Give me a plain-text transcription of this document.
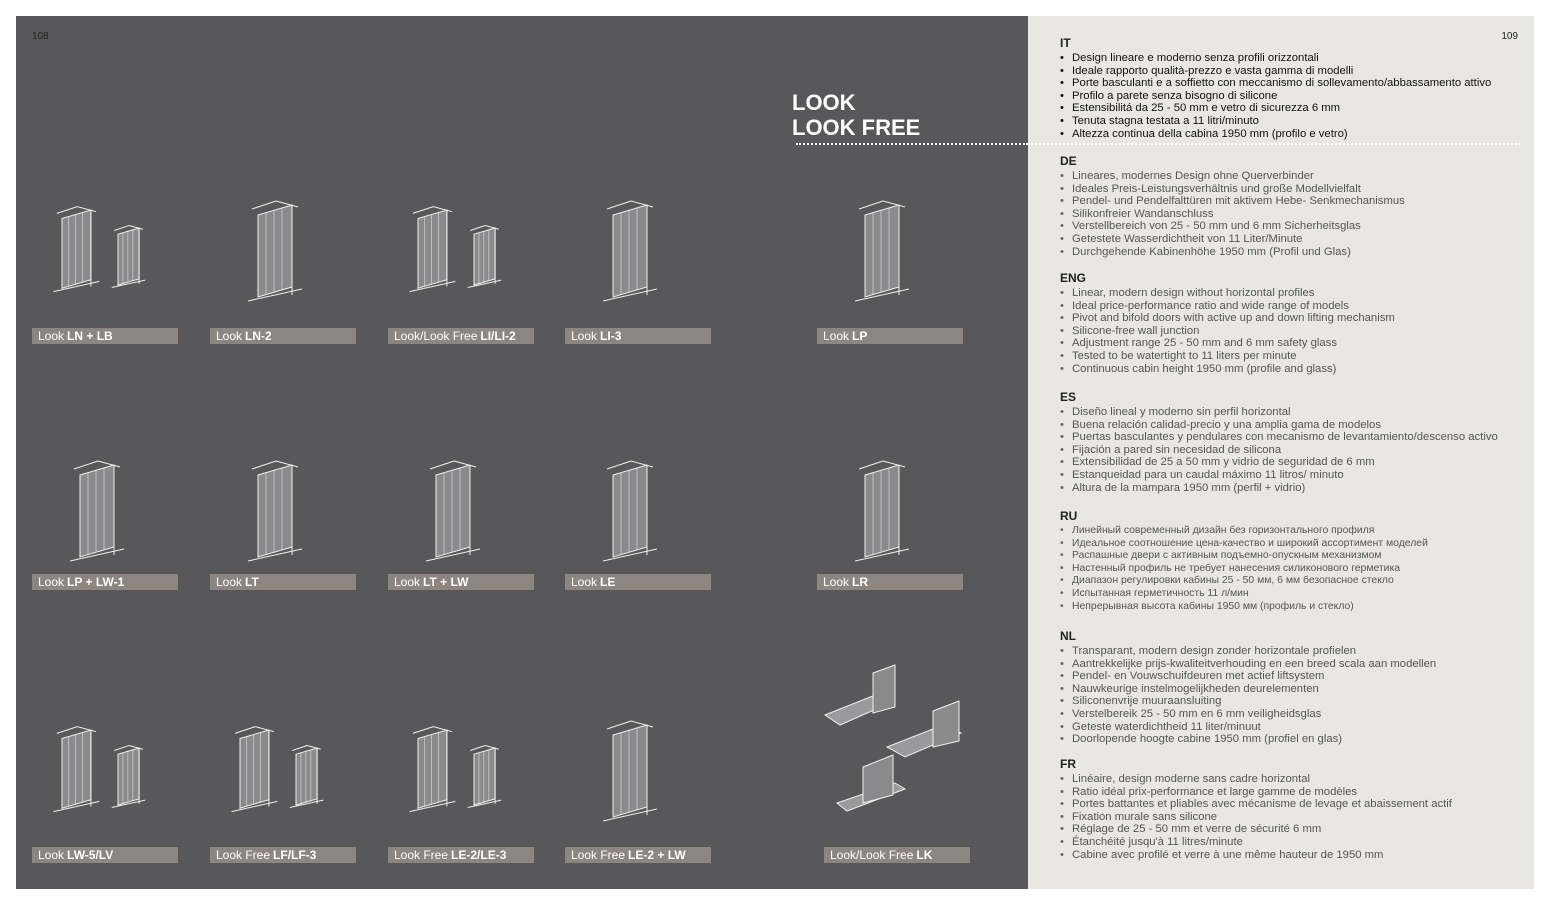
108	109
LOOK
LOOK FREE
Look LN + LB	Look LN-2	Look/Look Free LI/LI-2	Look LI-3	Look LP
Look LP + LW-1	Look LT	Look LT + LW	Look LE	Look LR
Look LW-5/LV	Look Free LF/LF-3	Look Free LE-2/LE-3	Look Free LE-2 + LW	Look/Look Free LK
IT
• Design lineare e moderno senza profili orizzontali
• Ideale rapporto qualità-prezzo e vasta gamma di modelli
• Porte basculanti e a soffietto con meccanismo di sollevamento/abbassamento attivo
• Profilo a parete senza bisogno di silicone
• Estensibilitá da 25 - 50 mm e vetro di sicurezza 6 mm
• Tenuta stagna testata a 11 litri/minuto
• Altezza continua della cabina 1950 mm (profilo e vetro)
DE
• Lineares, modernes Design ohne Querverbinder
• Ideales Preis-Leistungsverhältnis und große Modellvielfalt
• Pendel- und Pendelfalttüren mit aktivem Hebe- Senkmechanismus
• Silikonfreier Wandanschluss
• Verstellbereich von 25 - 50 mm und 6 mm Sicherheitsglas
• Getestete Wasserdichtheit von 11 Liter/Minute
• Durchgehende Kabinenhöhe 1950 mm (Profil und Glas)
ENG
• Linear, modern design without horizontal profiles
• Ideal price-performance ratio and wide range of models
• Pivot and bifold doors with active up and down lifting mechanism
• Silicone-free wall junction
• Adjustment range 25 - 50 mm and 6 mm safety glass
• Tested to be watertight to 11 liters per minute
• Continuous cabin height 1950 mm (profile and glass)
ES
• Diseño lineal y moderno sin perfil horizontal
• Buena relación calidad-precio y una amplia gama de modelos
• Puertas basculantes y pendulares con mecanismo de levantamiento/descenso activo
• Fijación a pared sin necesidad de silicona
• Extensibilidad de 25 a 50 mm y vidrio de seguridad de 6 mm
• Estanqueidad para un caudal máximo 11 litros/ minuto
• Altura de la mampara 1950 mm (perfil + vidrio)
RU
• Линейный современный дизайн без горизонтального профиля
• Идеальное соотношение цена-качество и широкий ассортимент моделей
• Распашные двери с активным подъемно-опускным механизмом
• Настенный профиль не требует нанесения силиконового герметика
• Диапазон регулировки кабины 25 - 50 мм, 6 мм безопасное стекло
• Испытанная герметичность 11 л/мин
• Непрерывная высота кабины 1950 мм (профиль и стекло)
NL
• Transparant, modern design zonder horizontale profielen
• Aantrekkelijke prijs-kwaliteitverhouding en een breed scala aan modellen
• Pendel- en Vouwschuifdeuren met actief liftsystem
• Nauwkeurige instelmogelijkheden deurelementen
• Siliconenvrije muuraansluiting
• Verstelbereik 25 - 50 mm en 6 mm veiligheidsglas
• Geteste waterdichtheid 11 liter/minuut
• Doorlopende hoogte cabine 1950 mm (profiel en glas)
FR
• Linéaire, design moderne sans cadre horizontal
• Ratio idéal prix-performance et large gamme de modèles
• Portes battantes et pliables avec mécanisme de levage et abaissement actif
• Fixation murale sans silicone
• Réglage de 25 - 50 mm et verre de sécurité 6 mm
• Étanchéité jusqu'à 11 litres/minute
• Cabine avec profilé et verre à une même hauteur de 1950 mm
